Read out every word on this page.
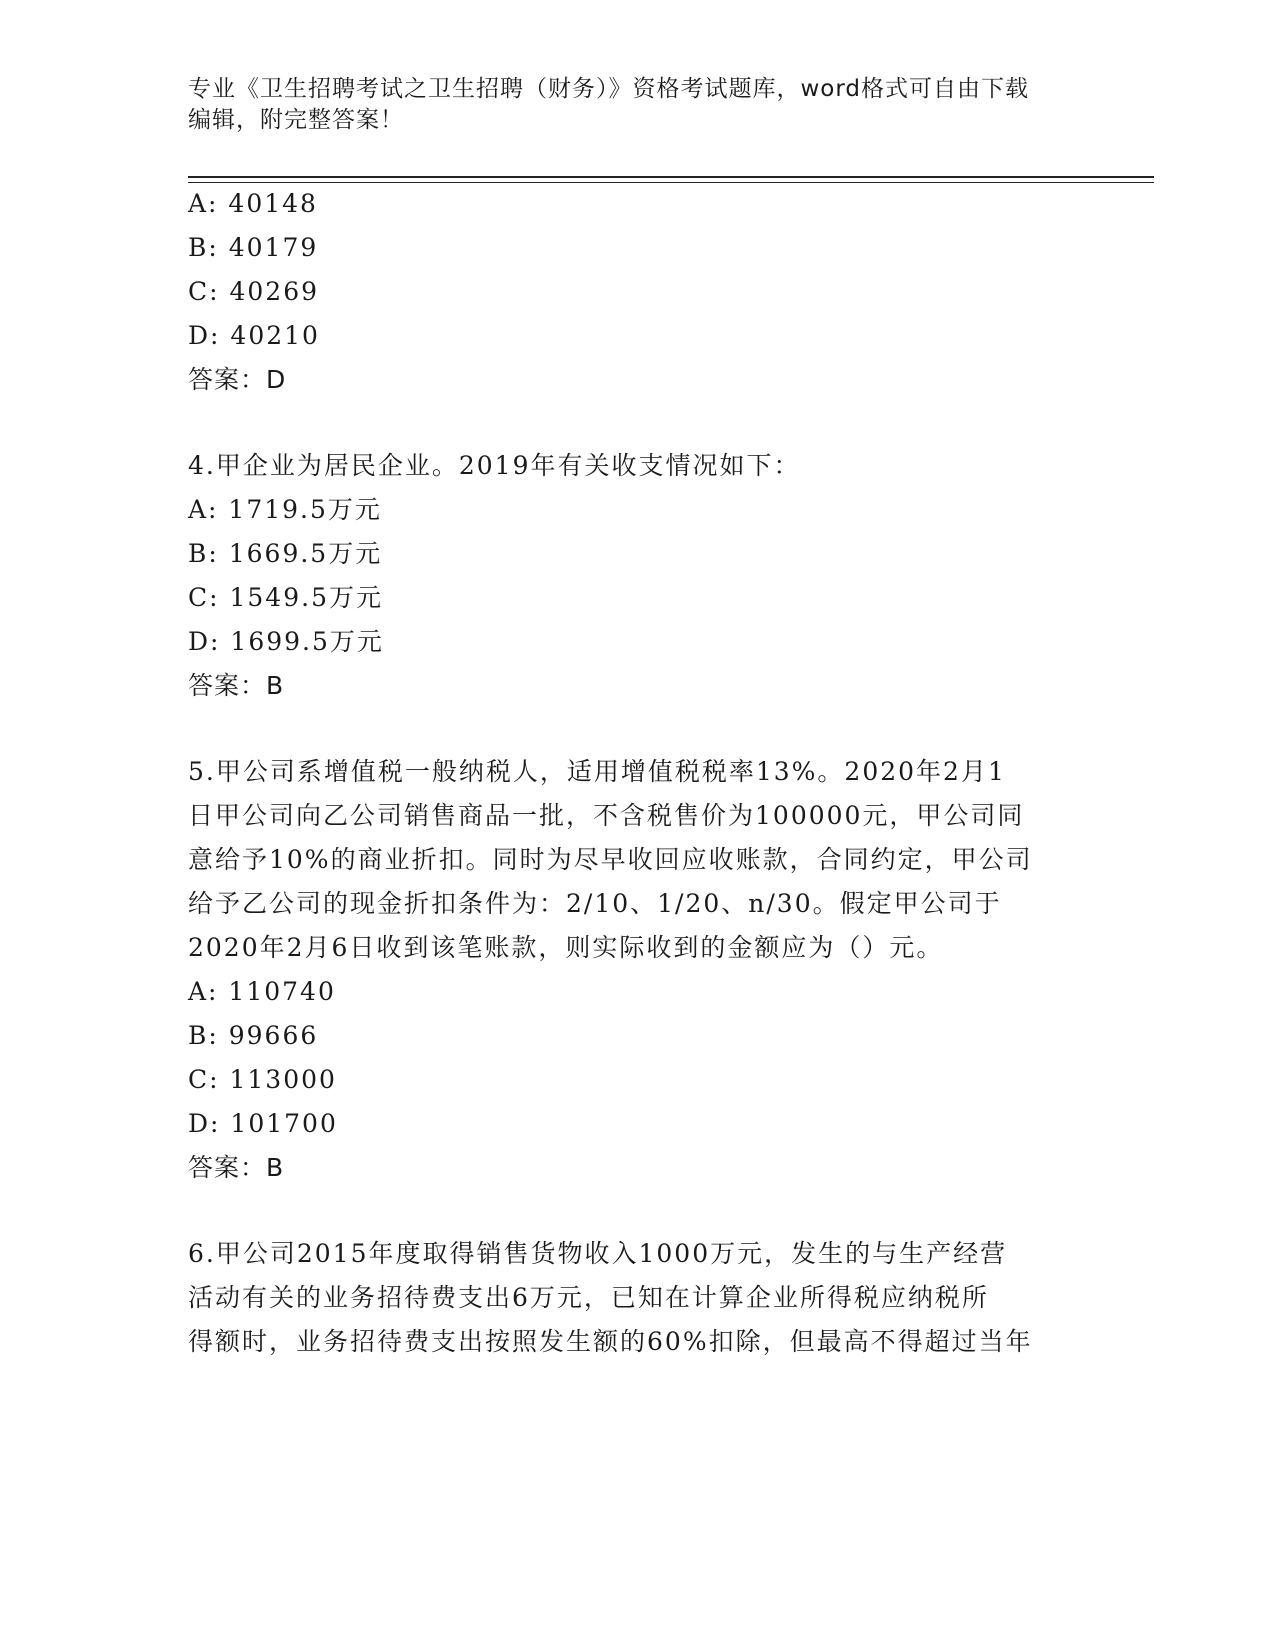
专业《卫生招聘考试之卫生招聘（财务）》资格考试题库，word格式可自由下载
编辑，附完整答案！
A: 40148
B: 40179
C: 40269
D: 40210
答案：D
4.甲企业为居民企业。2019年有关收支情况如下：
A: 1719.5万元
B: 1669.5万元
C: 1549.5万元
D: 1699.5万元
答案：B
5.甲公司系增值税一般纳税人，适用增值税税率13%。2020年2月1
日甲公司向乙公司销售商品一批，不含税售价为100000元，甲公司同
意给予10%的商业折扣。同时为尽早收回应收账款，合同约定，甲公司
给予乙公司的现金折扣条件为：2/10、1/20、n/30。假定甲公司于
2020年2月6日收到该笔账款，则实际收到的金额应为（）元。
A: 110740
B: 99666
C: 113000
D: 101700
答案：B
6.甲公司2015年度取得销售货物收入1000万元，发生的与生产经营
活动有关的业务招待费支出6万元，已知在计算企业所得税应纳税所
得额时，业务招待费支出按照发生额的60%扣除，但最高不得超过当年
